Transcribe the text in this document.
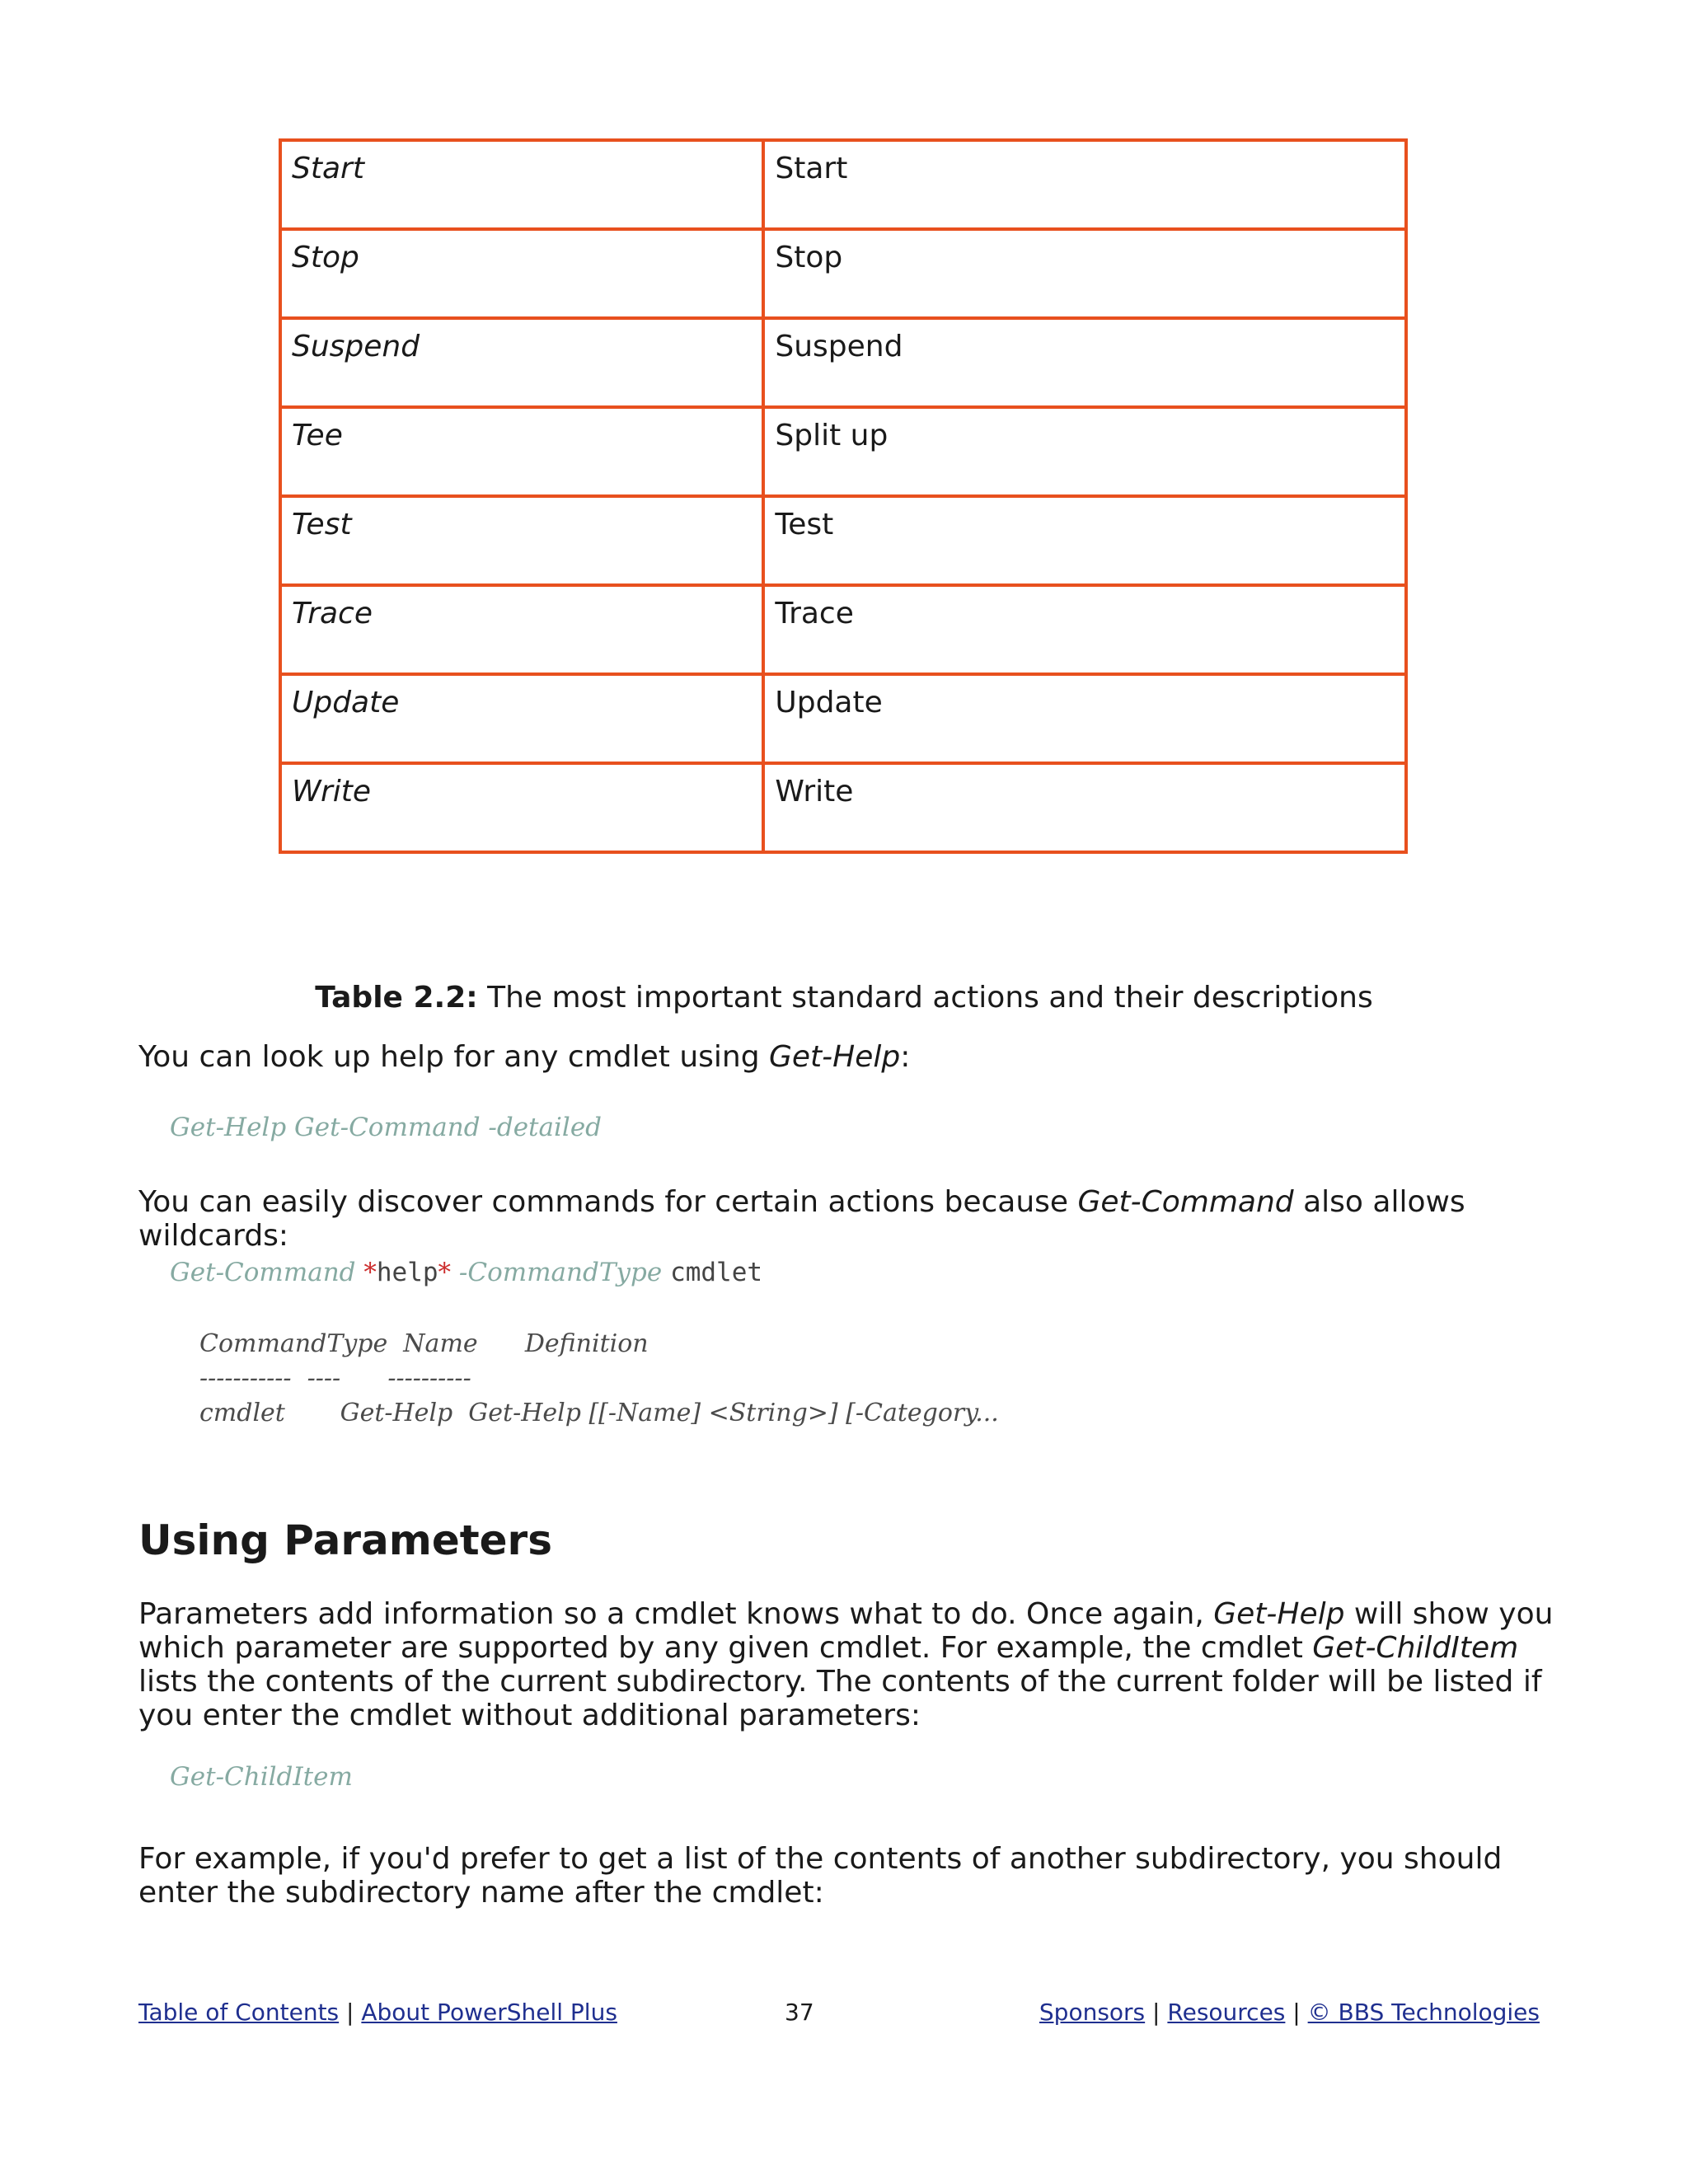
Start	Start
Stop	Stop
Suspend	Suspend
Tee	Split up
Test	Test
Trace	Trace
Update	Update
Write	Write
Table 2.2: The most important standard actions and their descriptions

You can look up help for any cmdlet using Get-Help:

Get-Help Get-Command -detailed

You can easily discover commands for certain actions because Get-Command also allows wildcards:

Get-Command *help* -CommandType cmdlet
CommandType  Name      Definition
-----------  ----      ----------
cmdlet       Get-Help  Get-Help [[-Name] <String>] [-Category...
Using Parameters

Parameters add information so a cmdlet knows what to do. Once again, Get-Help will show you which parameter are supported by any given cmdlet. For example, the cmdlet Get-ChildItem lists the contents of the current subdirectory. The contents of the current folder will be listed if you enter the cmdlet without additional parameters:

Get-ChildItem

For example, if you'd prefer to get a list of the contents of another subdirectory, you should enter the subdirectory name after the cmdlet:

Table of Contents | About PowerShell Plus	37	Sponsors | Resources | © BBS Technologies
